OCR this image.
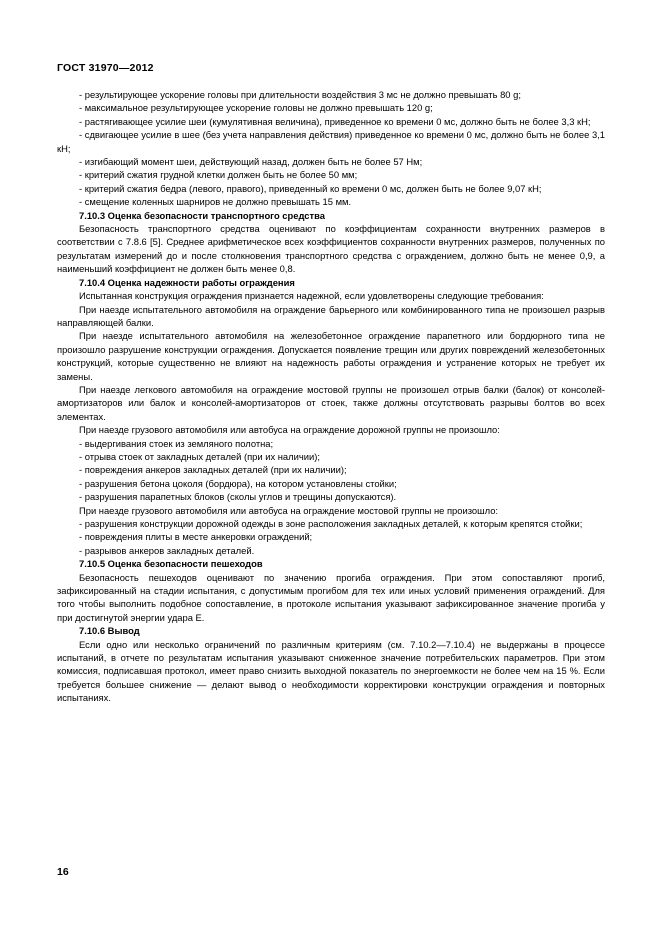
ГОСТ 31970—2012

- результирующее ускорение головы при длительности воздействия 3 мс не должно превышать 80 g;

- максимальное результирующее ускорение головы не должно превышать 120 g;

- растягивающее усилие шеи (кумулятивная величина), приведенное ко времени 0 мс, должно быть не более 3,3 кН;

- сдвигающее усилие в шее (без учета направления действия) приведенное ко времени 0 мс, должно быть не более 3,1 кН;

- изгибающий момент шеи, действующий назад, должен быть не более 57 Нм;

- критерий сжатия грудной клетки должен быть не более 50 мм;

- критерий сжатия бедра (левого, правого), приведенный ко времени 0 мс, должен быть не более 9,07 кН;

- смещение коленных шарниров не должно превышать 15 мм.

7.10.3 Оценка безопасности транспортного средства

Безопасность транспортного средства оценивают по коэффициентам сохранности внутренних размеров в соответствии с 7.8.6 [5]. Среднее арифметическое всех коэффициентов сохранности внутренних размеров, полученных по результатам измерений до и после столкновения транспортного средства с ограждением, должно быть не менее 0,9, а наименьший коэффициент не должен быть менее 0,8.

7.10.4 Оценка надежности работы ограждения

Испытанная конструкция ограждения признается надежной, если удовлетворены следующие требования:

При наезде испытательного автомобиля на ограждение барьерного или комбинированного типа не произошел разрыв направляющей балки.

При наезде испытательного автомобиля на железобетонное ограждение парапетного или бордюрного типа не произошло разрушение конструкции ограждения. Допускается появление трещин или других повреждений железобетонных конструкций, которые существенно не влияют на надежность работы ограждения и устранение которых не требует их замены.

При наезде легкового автомобиля на ограждение мостовой группы не произошел отрыв балки (балок) от консолей-амортизаторов или балок и консолей-амортизаторов от стоек, также должны отсутствовать разрывы болтов во всех элементах.

При наезде грузового автомобиля или автобуса на ограждение дорожной группы не произошло:

- выдергивания стоек из земляного полотна;

- отрыва стоек от закладных деталей (при их наличии);

- повреждения анкеров закладных деталей (при их наличии);

- разрушения бетона цоколя (бордюра), на котором установлены стойки;

- разрушения парапетных блоков (сколы углов и трещины допускаются).

При наезде грузового автомобиля или автобуса на ограждение мостовой группы не произошло:

- разрушения конструкции дорожной одежды в зоне расположения закладных деталей, к которым крепятся стойки;

- повреждения плиты в месте анкеровки ограждений;

- разрывов анкеров закладных деталей.

7.10.5 Оценка безопасности пешеходов

Безопасность пешеходов оценивают по значению прогиба ограждения. При этом сопоставляют прогиб, зафиксированный на стадии испытания, с допустимым прогибом для тех или иных условий применения ограждений. Для того чтобы выполнить подобное сопоставление, в протоколе испытания указывают зафиксированное значение прогиба у при достигнутой энергии удара Е.

7.10.6 Вывод

Если одно или несколько ограничений по различным критериям (см. 7.10.2—7.10.4) не выдержаны в процессе испытаний, в отчете по результатам испытания указывают сниженное значение потребительских параметров. При этом комиссия, подписавшая протокол, имеет право снизить выходной показатель по энергоемкости не более чем на 15 %. Если требуется большее снижение — делают вывод о необходимости корректировки конструкции ограждения и повторных испытаниях.

16
